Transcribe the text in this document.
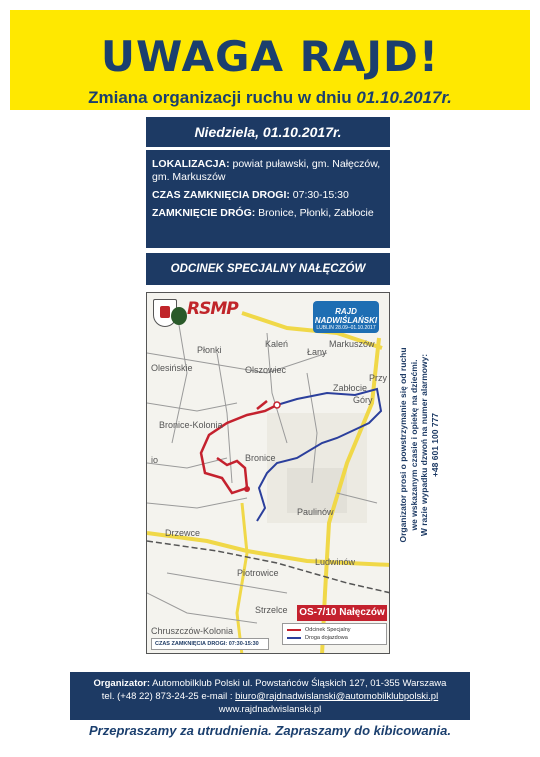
UWAGA RAJD!
Zmiana organizacji ruchu w dniu 01.10.2017r.
Niedziela, 01.10.2017r.

LOKALIZACJA: powiat puławski, gm. Nałęczów, gm. Markuszów

CZAS ZAMKNIĘCIA DROGI: 07:30-15:30

ZAMKNIĘCIE DRÓG: Bronice, Płonki, Zabłocie

ODCINEK SPECJALNY NAŁĘCZÓW
RSMP	RAJD
NADWIŚLAŃSKI
LUBLIN 28.09–01.10.2017
Płonki
Kaleń
Łany
Markuszów
Olesińskie	Olszowiec
Przy
Zabłocie
Góry
Bronice-Kolonia
Bronice
io
Paulinów
Drzewce
Piotrowice
Ludwinów
Strzelce
Chruszczów-Kolonia
OS-7/10 Nałęczów
Odcinek Specjalny
Droga dojazdowa
CZAS ZAMKNIĘCIA DROGI: 07:30-15:30
Organizator prosi o powstrzymanie się od ruchu we wskazanym czasie i opiekę na dziećmi. W razie wypadku dzwoń na numer alarmowy: +48 601 100 777
Organizator: Automobilklub Polski ul. Powstańców Śląskich 127, 01-355 Warszawa
tel. (+48 22) 873-24-25 e-mail : biuro@rajdnadwislanski@automobilklubpolski.pl
www.rajdnadwislanski.pl
Przepraszamy za utrudnienia. Zapraszamy do kibicowania.
